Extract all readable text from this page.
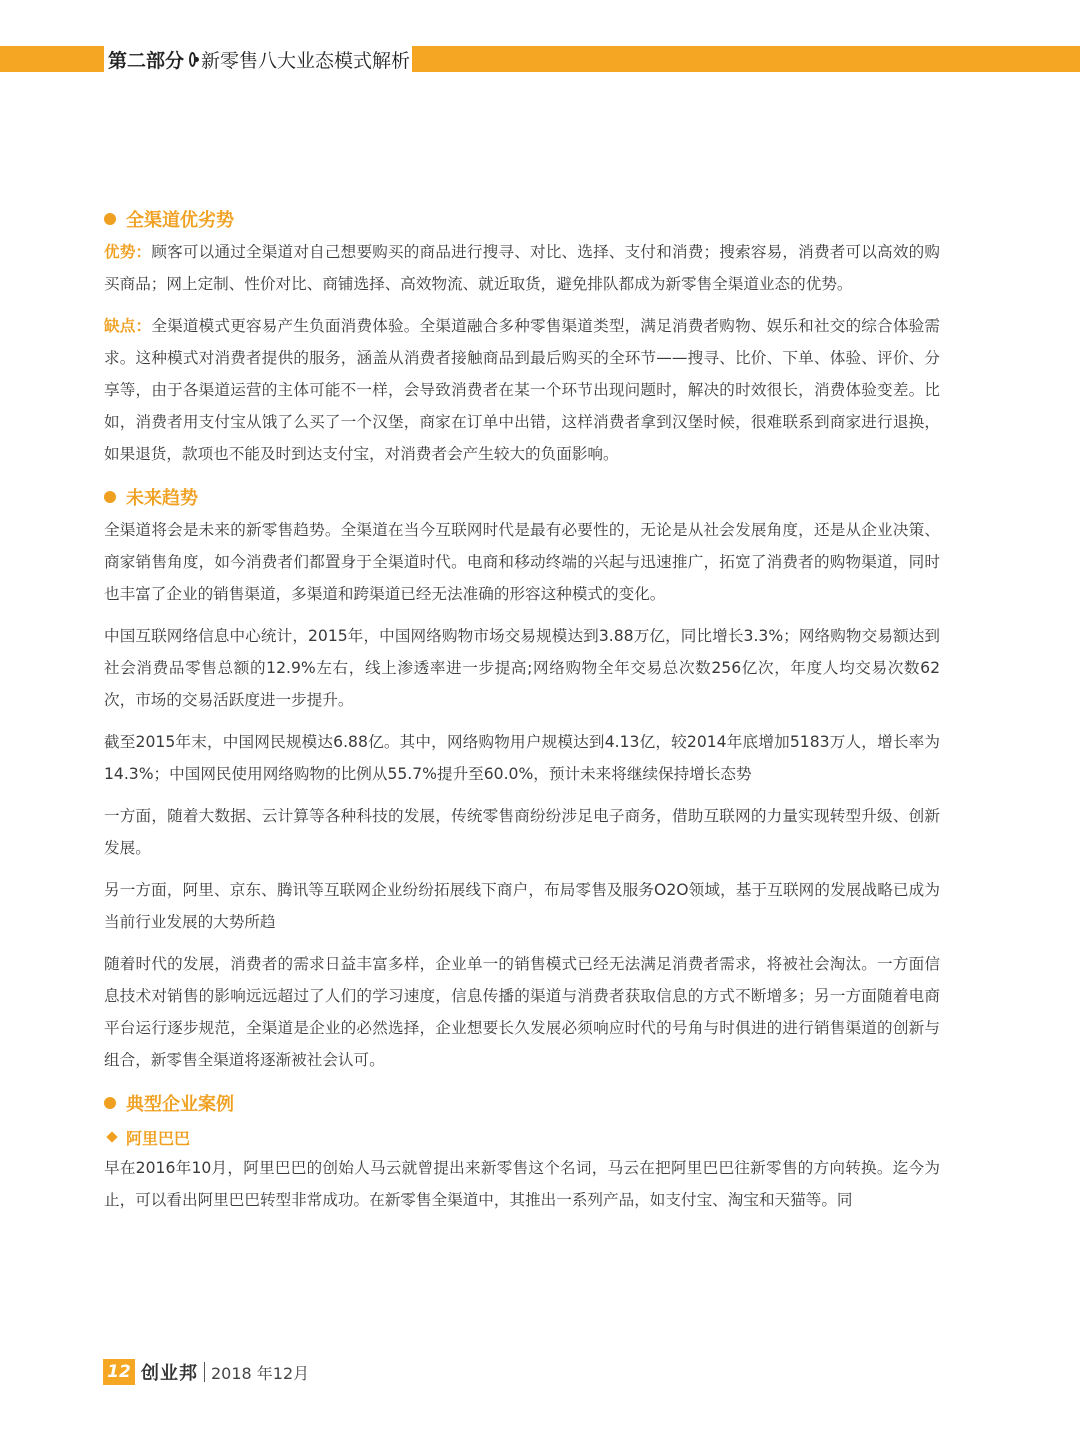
第二部分 新零售八大业态模式解析
全渠道优劣势

优势：顾客可以通过全渠道对自己想要购买的商品进行搜寻、对比、选择、支付和消费；搜索容易，消费者可以高效的购买商品；网上定制、性价对比、商铺选择、高效物流、就近取货，避免排队都成为新零售全渠道业态的优势。

缺点：全渠道模式更容易产生负面消费体验。全渠道融合多种零售渠道类型，满足消费者购物、娱乐和社交的综合体验需求。这种模式对消费者提供的服务，涵盖从消费者接触商品到最后购买的全环节——搜寻、比价、下单、体验、评价、分享等，由于各渠道运营的主体可能不一样，会导致消费者在某一个环节出现问题时，解决的时效很长，消费体验变差。比如，消费者用支付宝从饿了么买了一个汉堡，商家在订单中出错，这样消费者拿到汉堡时候，很难联系到商家进行退换，如果退货，款项也不能及时到达支付宝，对消费者会产生较大的负面影响。

未来趋势

全渠道将会是未来的新零售趋势。全渠道在当今互联网时代是最有必要性的，无论是从社会发展角度，还是从企业决策、商家销售角度，如今消费者们都置身于全渠道时代。电商和移动终端的兴起与迅速推广，拓宽了消费者的购物渠道，同时也丰富了企业的销售渠道，多渠道和跨渠道已经无法准确的形容这种模式的变化。

中国互联网络信息中心统计，2015年，中国网络购物市场交易规模达到3.88万亿，同比增长3.3%；网络购物交易额达到社会消费品零售总额的12.9%左右，线上渗透率进一步提高;网络购物全年交易总次数256亿次，年度人均交易次数62次，市场的交易活跃度进一步提升。

截至2015年末，中国网民规模达6.88亿。其中，网络购物用户规模达到4.13亿，较2014年底增加5183万人，增长率为14.3%；中国网民使用网络购物的比例从55.7%提升至60.0%，预计未来将继续保持增长态势

一方面，随着大数据、云计算等各种科技的发展，传统零售商纷纷涉足电子商务，借助互联网的力量实现转型升级、创新发展。

另一方面，阿里、京东、腾讯等互联网企业纷纷拓展线下商户，布局零售及服务O2O领域，基于互联网的发展战略已成为当前行业发展的大势所趋

随着时代的发展，消费者的需求日益丰富多样，企业单一的销售模式已经无法满足消费者需求，将被社会淘汰。一方面信息技术对销售的影响远远超过了人们的学习速度，信息传播的渠道与消费者获取信息的方式不断增多；另一方面随着电商平台运行逐步规范，全渠道是企业的必然选择，企业想要长久发展必须响应时代的号角与时俱进的进行销售渠道的创新与组合，新零售全渠道将逐渐被社会认可。

典型企业案例
阿里巴巴

早在2016年10月，阿里巴巴的创始人马云就曾提出来新零售这个名词，马云在把阿里巴巴往新零售的方向转换。迄今为止，可以看出阿里巴巴转型非常成功。在新零售全渠道中，其推出一系列产品，如支付宝、淘宝和天猫等。同

12 创业邦 2018 年12月
